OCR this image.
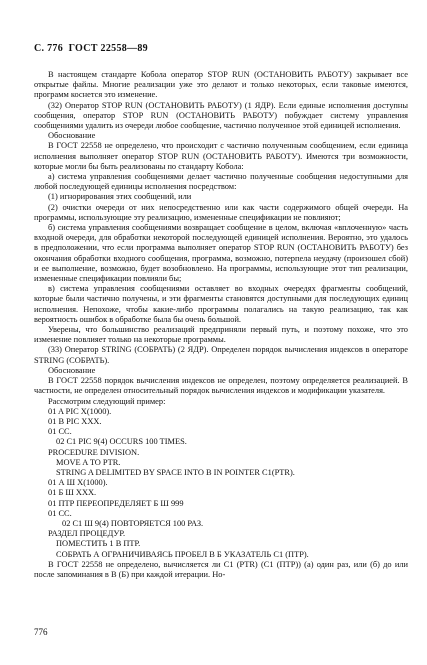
С. 776 ГОСТ 22558—89

В настоящем стандарте Кобола оператор STOP RUN (ОСТАНОВИТЬ РАБОТУ) закрывает все открытые файлы. Многие реализации уже это делают и только некоторых, если таковые имеются, программ коснется это изменение.

(32) Оператор STOP RUN (ОСТАНОВИТЬ РАБОТУ) (1 ЯДР). Если единые исполнения доступны сообщения, оператор STOP RUN (ОСТАНОВИТЬ РАБОТУ) побуждает систему управления сообщениями удалить из очереди любое сообщение, частично полученное этой единицей исполнения.

Обоснование

В ГОСТ 22558 не определено, что происходит с частично полученным сообщением, если единица исполнения выполняет оператор STOP RUN (ОСТАНОВИТЬ РАБОТУ). Имеются три возможности, которые могли бы быть реализованы по стандарту Кобола:

а) система управления сообщениями делает частично полученные сообщения недоступными для любой последующей единицы исполнения посредством:

(1) игнорирования этих сообщений, или

(2) очистки очереди от них непосредственно или как части содержимого общей очереди. На программы, использующие эту реализацию, измененные спецификации не повлияют;

б) система управления сообщениями возвращает сообщение в целом, включая «вплоченную» часть входной очереди, для обработки некоторой последующей единицей исполнения. Вероятно, это удалось в предположении, что если программа выполняет оператор STOP RUN (ОСТАНОВИТЬ РАБОТУ) без окончания обработки входного сообщения, программа, возможно, потерпела неудачу (произошел сбой) и ее выполнение, возможно, будет возобновлено. На программы, использующие этот тип реализации, измененные спецификации повлияли бы;

в) система управления сообщениями оставляет во входных очередях фрагменты сообщений, которые были частично получены, и эти фрагменты становятся доступными для последующих единиц исполнения. Непохоже, чтобы какие-либо программы полагались на такую реализацию, так как вероятность ошибок в обработке была бы очень большой.

Уверены, что большинство реализаций предприняли первый путь, и поэтому похоже, что это изменение повлияет только на некоторые программы.

(33) Оператор STRING (СОБРАТЬ) (2 ЯДР). Определен порядок вычисления индексов в операторе STRING (СОБРАТЬ).

Обоснование

В ГОСТ 22558 порядок вычисления индексов не определен, поэтому определяется реализацией. В частности, не определен относительный порядок вычисления индексов и модификации указателя.

Рассмотрим следующий пример:

01 A PIC X(1000).

01 B PIC XXX.

01 CC.

02 C1 PIC 9(4) OCCURS 100 TIMES.

PROCEDURE DIVISION.

MOVE A TO PTR.

STRING A DELIMITED BY SPACE INTO B IN POINTER C1(PTR).

01 А Ш Х(1000).

01 Б Ш ХХХ.

01 ПТР ПЕРЕОПРЕДЕЛЯЕТ Б Ш 999

01 СС.

02 С1 Ш 9(4) ПОВТОРЯЕТСЯ 100 РАЗ.

РАЗДЕЛ ПРОЦЕДУР.

ПОМЕСТИТЬ 1 В ПТР.

СОБРАТЬ А ОГРАНИЧИВАЯСЬ ПРОБЕЛ В Б УКАЗАТЕЛЬ С1 (ПТР).

В ГОСТ 22558 не определено, вычисляется ли С1 (PTR) (С1 (ПТР)) (а) один раз, или (б) до или после запоминания в В (Б) при каждой итерации. Но-

776
